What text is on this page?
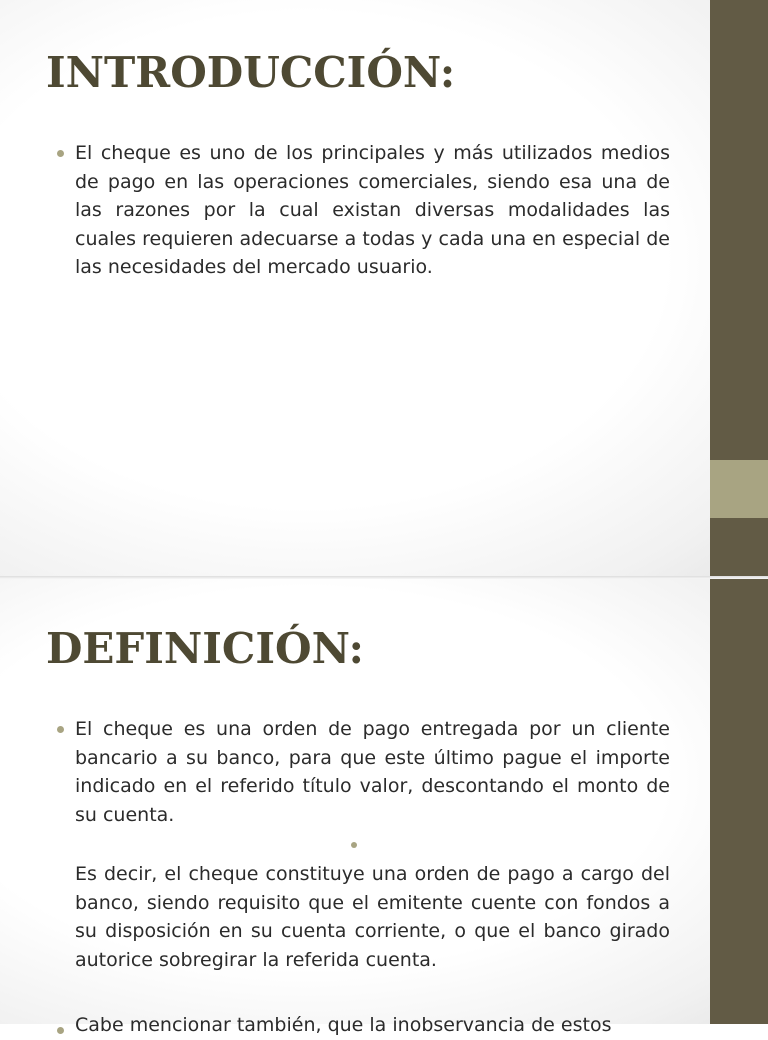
INTRODUCCIÓN:

El cheque es uno de los principales y más utilizados medios de pago en las operaciones comerciales, siendo esa una de las razones por la cual existan diversas modalidades las cuales requieren adecuarse a todas y cada una en especial de las necesidades del mercado usuario.

DEFINICIÓN:

El cheque es una orden de pago entregada por un cliente bancario a su banco, para que este último pague el importe indicado en el referido título valor, descontando el monto de su cuenta.

Es decir, el cheque constituye una orden de pago a cargo del banco, siendo requisito que el emitente cuente con fondos a su disposición en su cuenta corriente, o que el banco girado autorice sobregirar la referida cuenta.

Cabe mencionar también, que la inobservancia de estos
